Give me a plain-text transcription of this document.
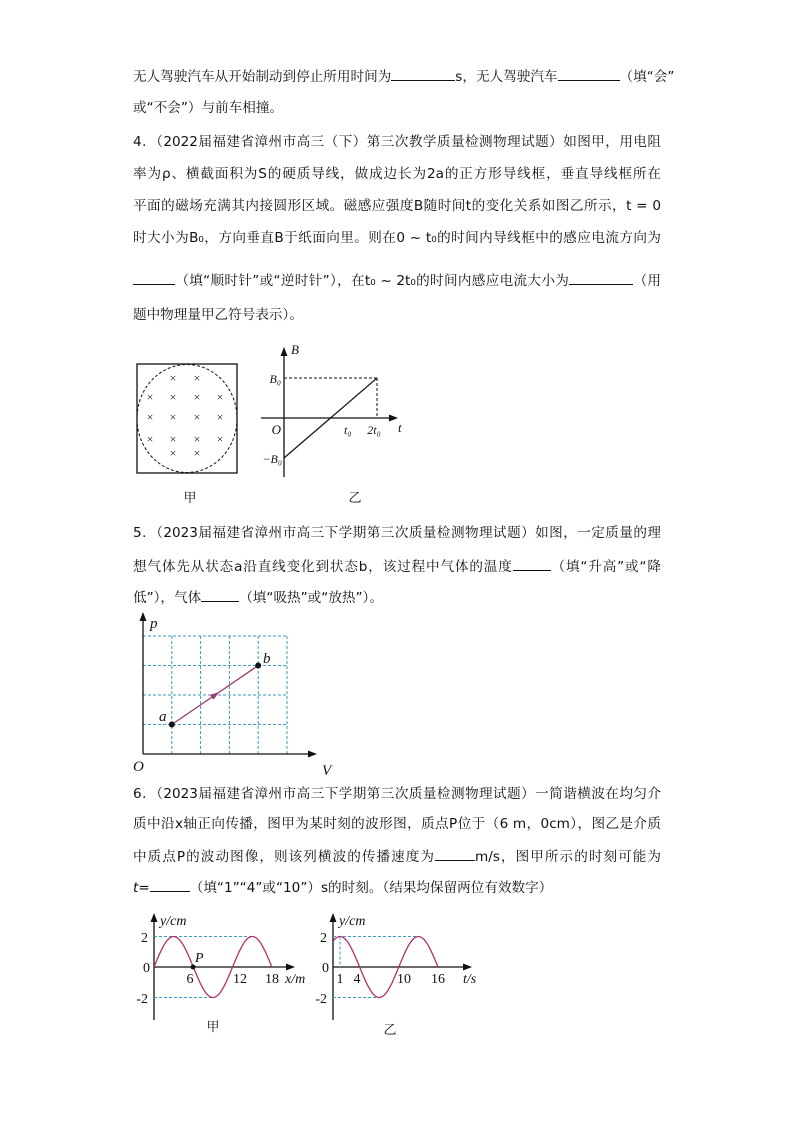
无人驾驶汽车从开始制动到停止所用时间为	s，无人驾驶汽车	（填“会”
或“不会”）与前车相撞。
4．（2022届福建省漳州市高三（下）第三次教学质量检测物理试题）如图甲，用电阻
率为ρ、横截面积为S的硬质导线，做成边长为2a的正方形导线框，垂直导线框所在
平面的磁场充满其内接圆形区域。磁感应强度B随时间t的变化关系如图乙所示，t = 0
时大小为B₀，方向垂直B于纸面向里。则在0 ~ t₀的时间内导线框中的感应电流方向为
（填“顺时针”或“逆时针”），在t₀ ~ 2t₀的时间内感应电流大小为	（用
题中物理量甲乙符号表示）。
× ×
× × × ×
× × × ×
× × × ×
× ×
甲
B
B₀
−B₀
O	t₀ 2t₀ t
乙
5．（2023届福建省漳州市高三下学期第三次质量检测物理试题）如图，一定质量的理
想气体先从状态a沿直线变化到状态b，该过程中气体的温度	（填“升高”或“降
低”），气体	（填“吸热”或“放热”）。
p
a
b
O	V
6．（2023届福建省漳州市高三下学期第三次质量检测物理试题）一简谐横波在均匀介
质中沿x轴正向传播，图甲为某时刻的波形图，质点P位于（6 m，0cm），图乙是介质
中质点P的波动图像，则该列横波的传播速度为	m/s，图甲所示的时刻可能为
t=	（填“1”“4”或“10”）s的时刻。（结果均保留两位有效数字）
y/cm
2
0
-2
6	12 18
P
x/m
甲
y/cm
2
0
-2
1 4	10 16 t/s
乙
